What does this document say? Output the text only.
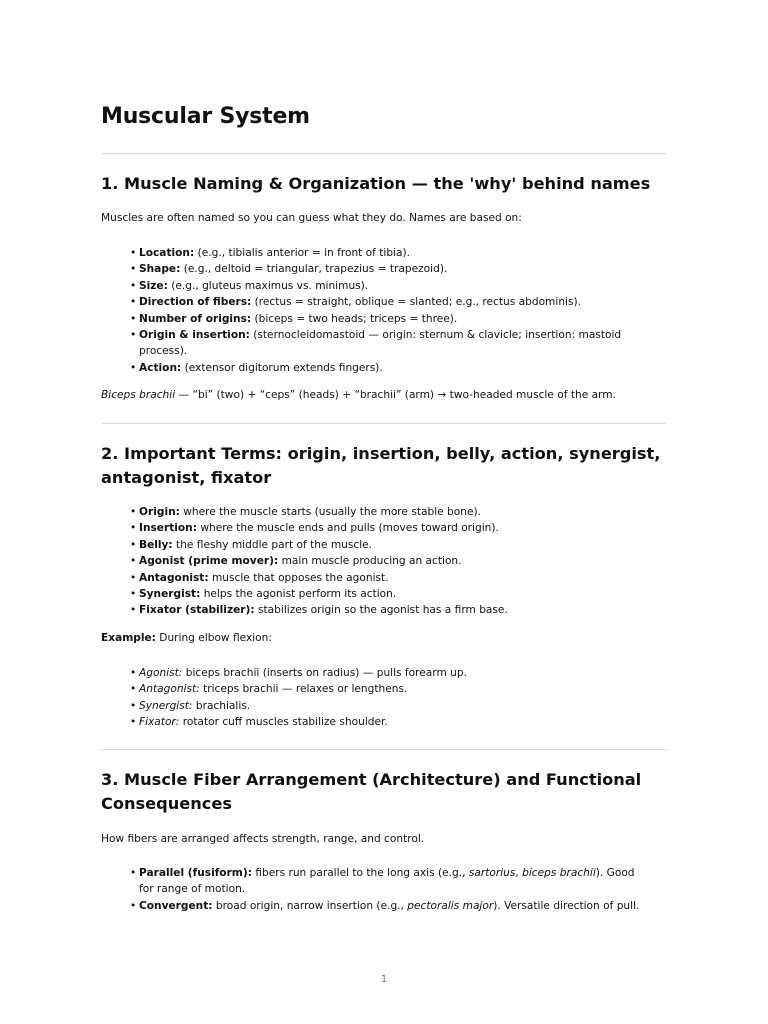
Muscular System
1. Muscle Naming & Organization — the 'why' behind names

Muscles are often named so you can guess what they do. Names are based on:

• Location: (e.g., tibialis anterior = in front of tibia).
• Shape: (e.g., deltoid = triangular, trapezius = trapezoid).
• Size: (e.g., gluteus maximus vs. minimus).
• Direction of fibers: (rectus = straight, oblique = slanted; e.g., rectus abdominis).
• Number of origins: (biceps = two heads; triceps = three).
• Origin & insertion: (sternocleidomastoid — origin: sternum & clavicle; insertion: mastoid process).
• Action: (extensor digitorum extends fingers).

Biceps brachii — “bi” (two) + “ceps” (heads) + “brachii” (arm) → two-headed muscle of the arm.

2. Important Terms: origin, insertion, belly, action, synergist, antagonist, fixator
• Origin: where the muscle starts (usually the more stable bone).
• Insertion: where the muscle ends and pulls (moves toward origin).
• Belly: the fleshy middle part of the muscle.
• Agonist (prime mover): main muscle producing an action.
• Antagonist: muscle that opposes the agonist.
• Synergist: helps the agonist perform its action.
• Fixator (stabilizer): stabilizes origin so the agonist has a firm base.

Example: During elbow flexion:

• Agonist: biceps brachii (inserts on radius) — pulls forearm up.
• Antagonist: triceps brachii — relaxes or lengthens.
• Synergist: brachialis.
• Fixator: rotator cuff muscles stabilize shoulder.
3. Muscle Fiber Arrangement (Architecture) and Functional Consequences

How fibers are arranged affects strength, range, and control.

• Parallel (fusiform): fibers run parallel to the long axis (e.g., sartorius, biceps brachii). Good for range of motion.
• Convergent: broad origin, narrow insertion (e.g., pectoralis major). Versatile direction of pull.
1
